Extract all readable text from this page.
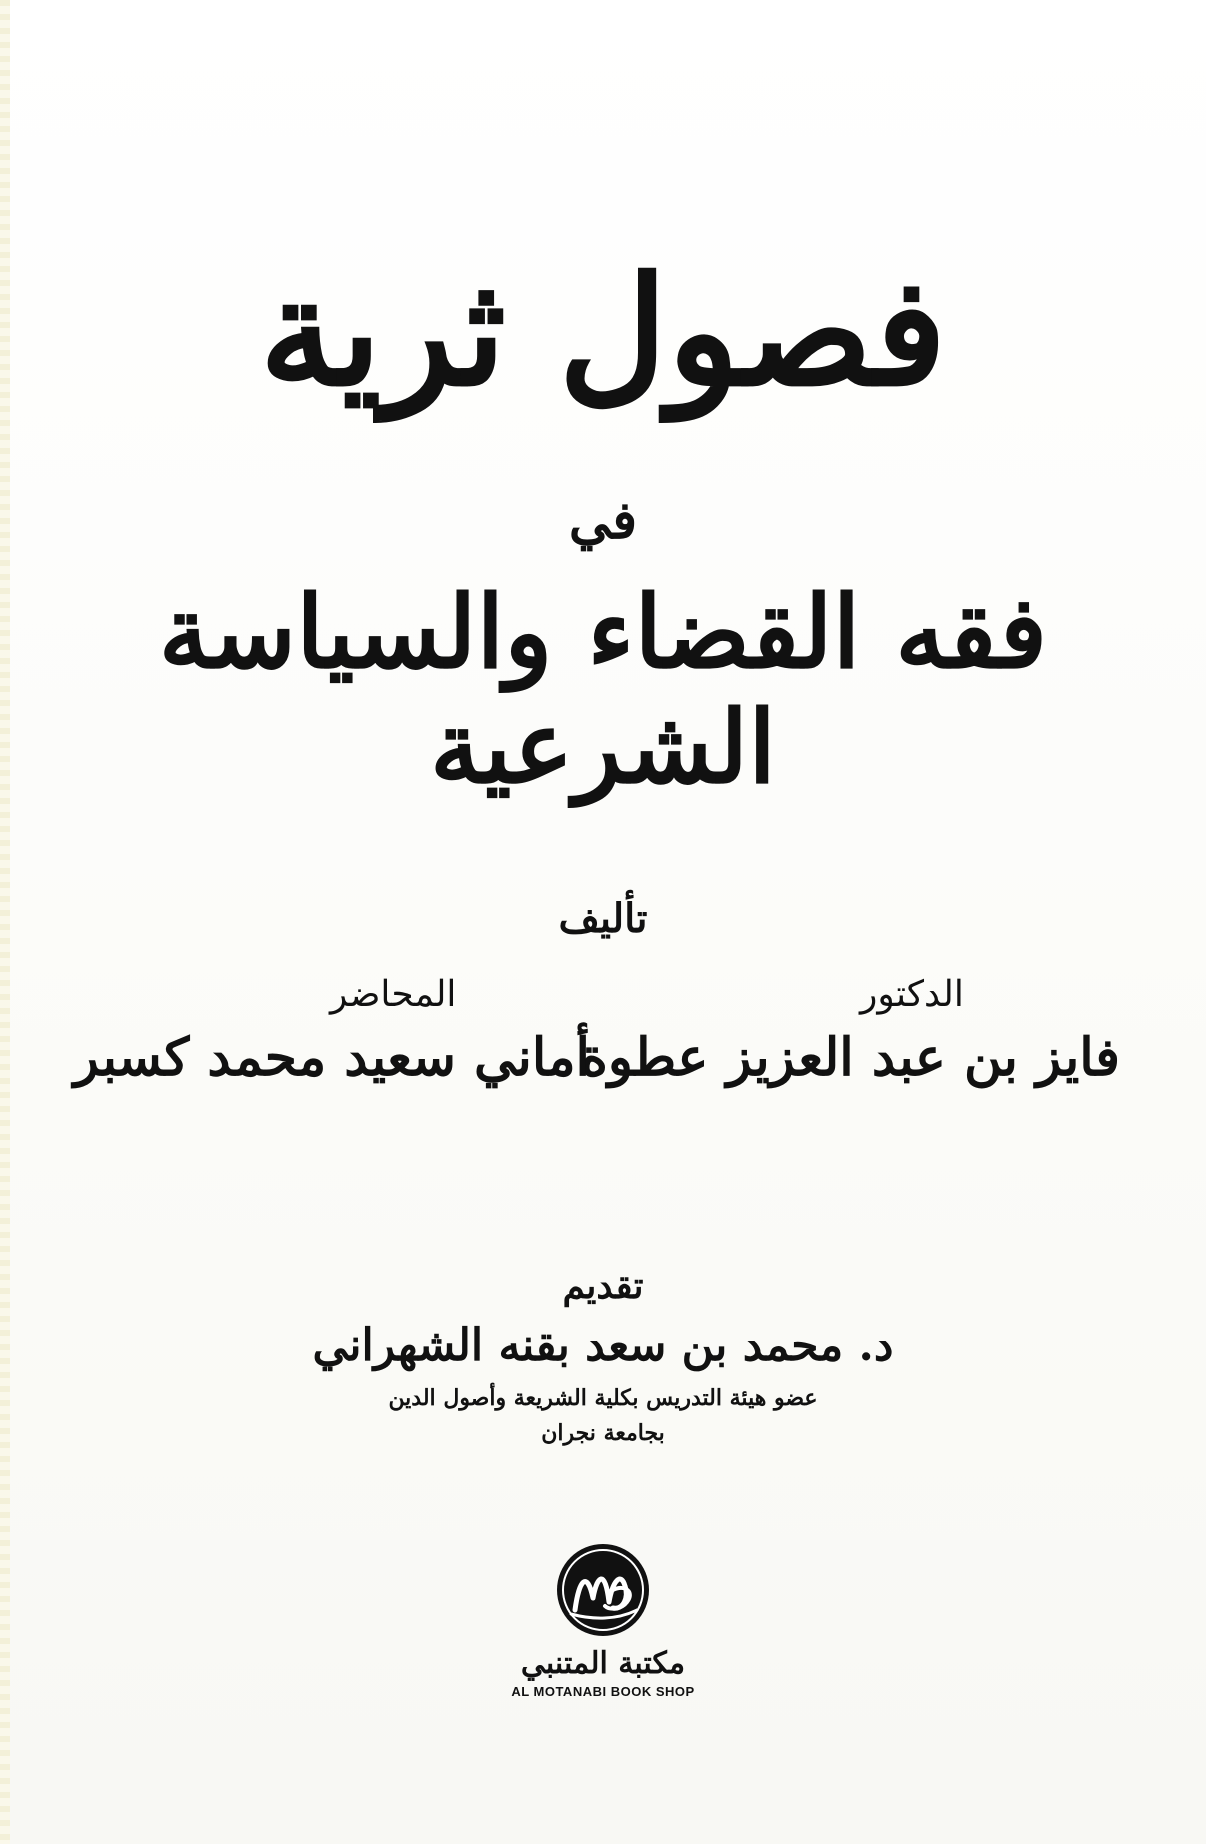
فصول ثرية
في
فقه القضاء والسياسة الشرعية
تأليف
الدكتور
فايز بن عبد العزيز عطوة
المحاضر
أماني سعيد محمد كسبر
تقديم
د. محمد بن سعد بقنه الشهراني
عضو هيئة التدريس بكلية الشريعة وأصول الدين
بجامعة نجران
مكتبة المتنبي
AL MOTANABI BOOK SHOP
